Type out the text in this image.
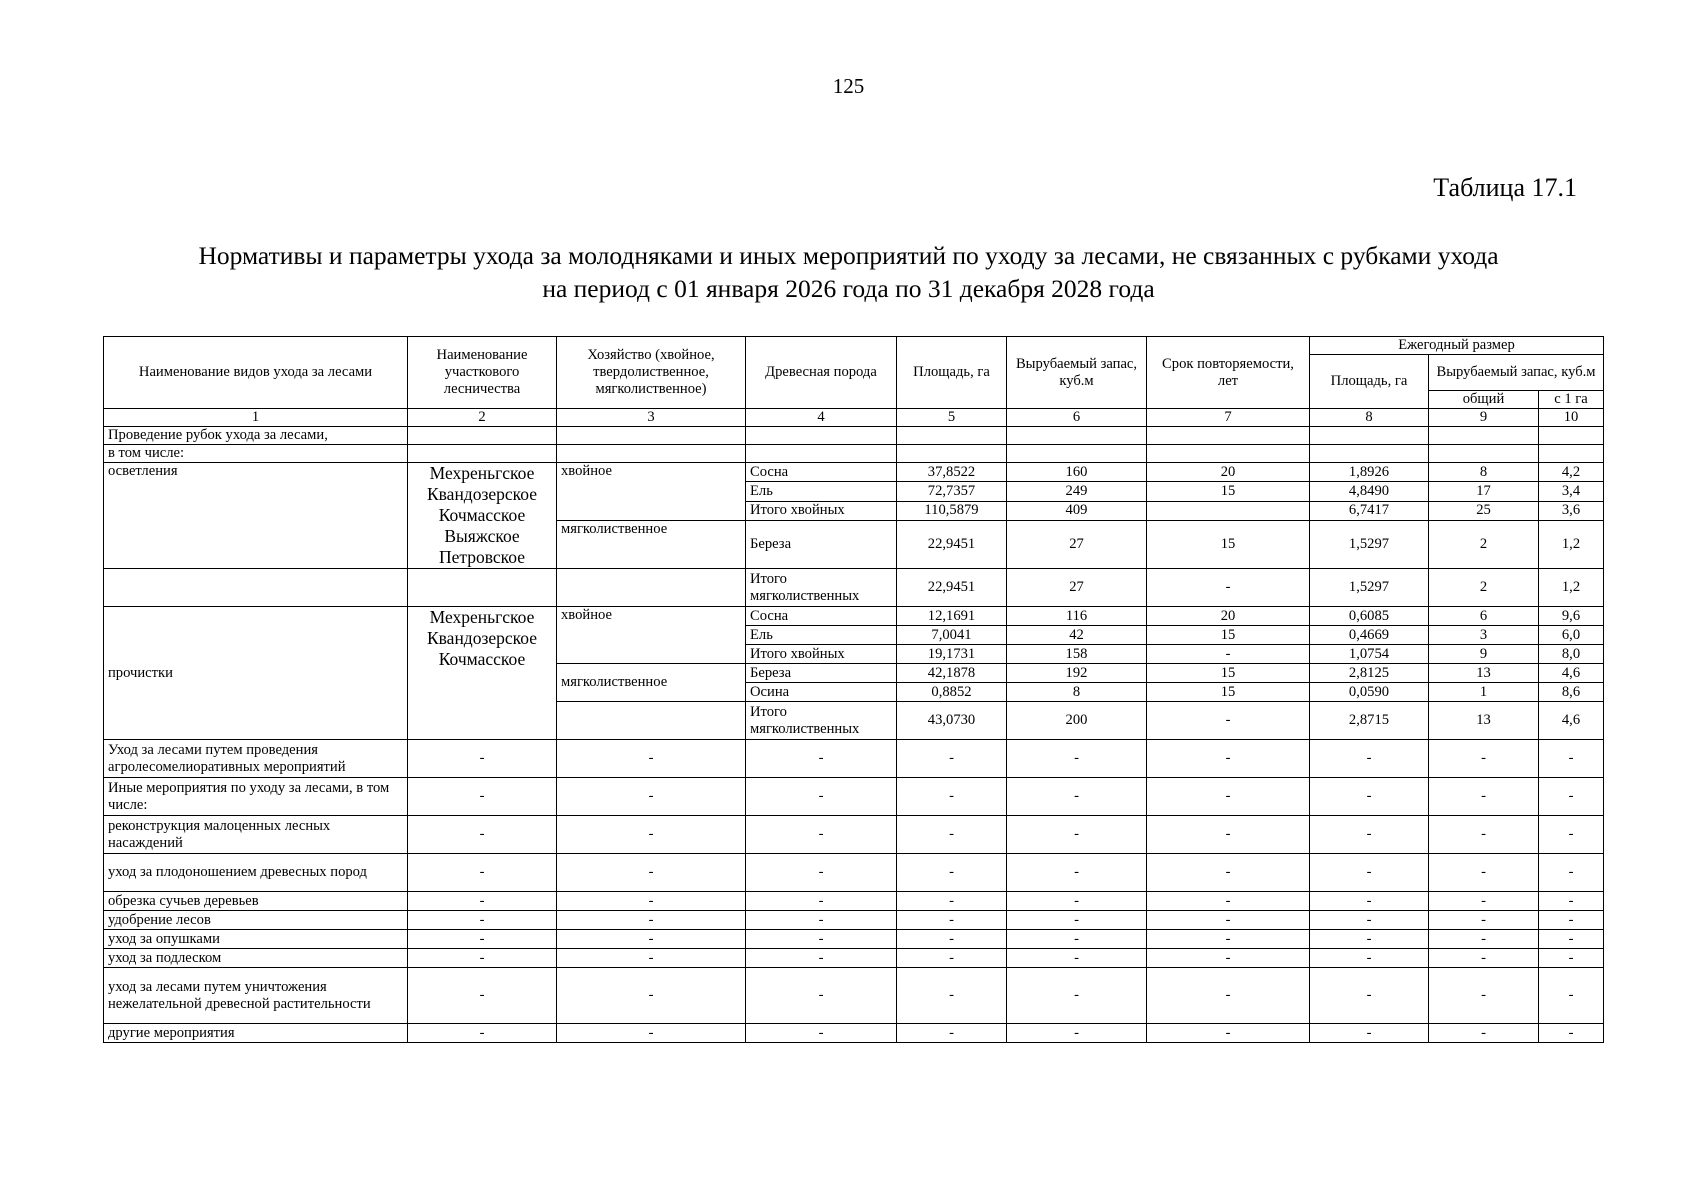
125
Таблица 17.1
Нормативы и параметры ухода за молодняками и иных мероприятий по уходу за лесами, не связанных с рубками ухода
на период с 01 января 2026 года по 31 декабря 2028 года
Наименование видов ухода за лесами	Наименование участкового лесничества	Хозяйство (хвойное, твердолиственное, мягколиственное)	Древесная порода	Площадь, га	Вырубаемый запас, куб.м	Срок повторяемости, лет	Ежегодный размер		
							Площадь, га	Вырубаемый запас, куб.м	
								общий	с 1 га
1	2	3	4	5	6	7	8	9	10
Проведение рубок ухода за лесами,									
в том числе:									
осветления	Мехреньгское Квандозерское Кочмасское Выяжское Петровское	хвойное	Сосна	37,8522	160	20	1,8926	8	4,2
			Ель	72,7357	249	15	4,8490	17	3,4
			Итого хвойных	110,5879	409		6,7417	25	3,6
		мягколиственное	Береза	22,9451	27	15	1,5297	2	1,2
			Итого мягколиственных	22,9451	27	-	1,5297	2	1,2
прочистки	Мехреньгское Квандозерское Кочмасское	хвойное	Сосна	12,1691	116	20	0,6085	6	9,6
			Ель	7,0041	42	15	0,4669	3	6,0
			Итого хвойных	19,1731	158	-	1,0754	9	8,0
		мягколиственное	Береза	42,1878	192	15	2,8125	13	4,6
			Осина	0,8852	8	15	0,0590	1	8,6
			Итого мягколиственных	43,0730	200	-	2,8715	13	4,6
Уход за лесами путем проведения агролесомелиоративных мероприятий	-	-	-	-	-	-	-	-	-
Иные мероприятия по уходу за лесами, в том числе:	-	-	-	-	-	-	-	-	-
реконструкция малоценных лесных насаждений	-	-	-	-	-	-	-	-	-
уход за плодоношением древесных пород	-	-	-	-	-	-	-	-	-
обрезка сучьев деревьев	-	-	-	-	-	-	-	-	-
удобрение лесов	-	-	-	-	-	-	-	-	-
уход за опушками	-	-	-	-	-	-	-	-	-
уход за подлеском	-	-	-	-	-	-	-	-	-
уход за лесами путем уничтожения нежелательной древесной растительности	-	-	-	-	-	-	-	-	-
другие мероприятия	-	-	-	-	-	-	-	-	-
